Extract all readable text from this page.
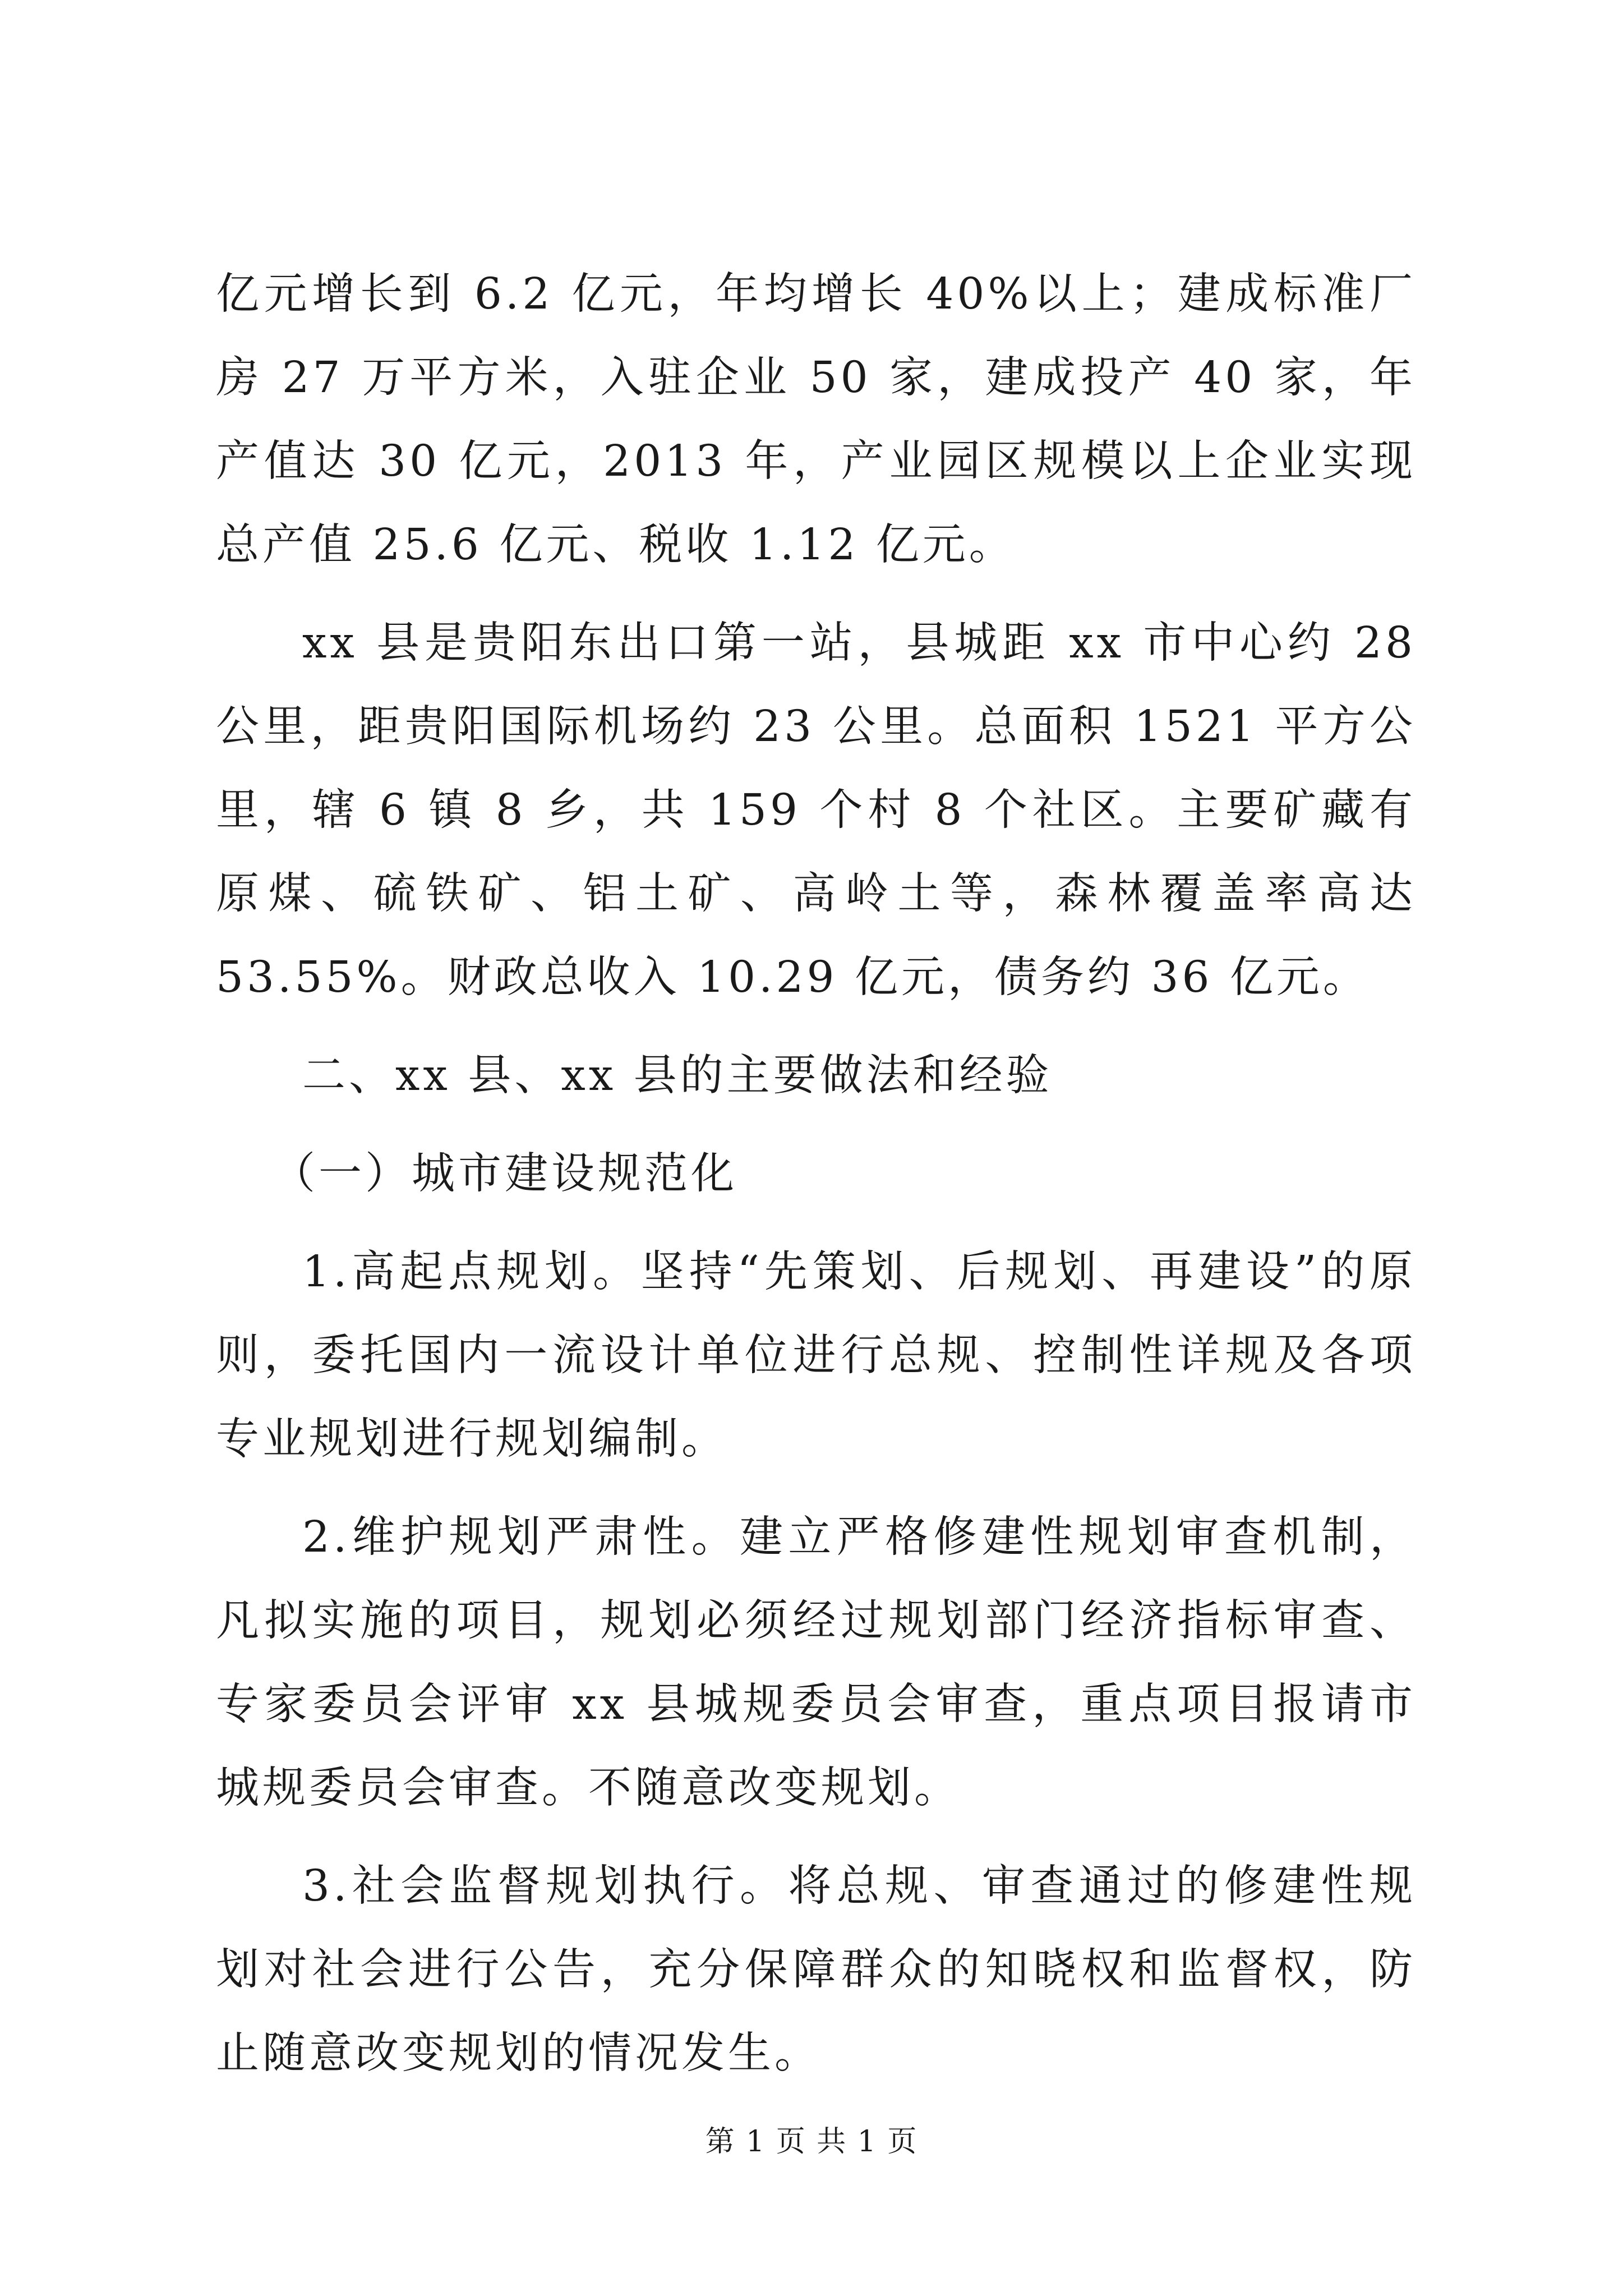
亿元增长到 6.2 亿元，年均增长 40%以上；建成标准厂房 27 万平方米，入驻企业 50 家，建成投产 40 家，年产值达 30 亿元，2013 年，产业园区规模以上企业实现总产值 25.6 亿元、税收 1.12 亿元。

xx 县是贵阳东出口第一站，县城距 xx 市中心约 28 公里，距贵阳国际机场约 23 公里。总面积 1521 平方公里，辖 6 镇 8 乡，共 159 个村 8 个社区。主要矿藏有原煤、硫铁矿、铝土矿、高岭土等，森林覆盖率高达 53.55%。财政总收入 10.29 亿元，债务约 36 亿元。

二、xx 县、xx 县的主要做法和经验

（一）城市建设规范化

1.高起点规划。坚持“先策划、后规划、再建设”的原则，委托国内一流设计单位进行总规、控制性详规及各项专业规划进行规划编制。

2.维护规划严肃性。建立严格修建性规划审查机制，凡拟实施的项目，规划必须经过规划部门经济指标审查、专家委员会评审 xx 县城规委员会审查，重点项目报请市城规委员会审查。不随意改变规划。

3.社会监督规划执行。将总规、审查通过的修建性规划对社会进行公告，充分保障群众的知晓权和监督权，防止随意改变规划的情况发生。

第 1 页 共 1 页
